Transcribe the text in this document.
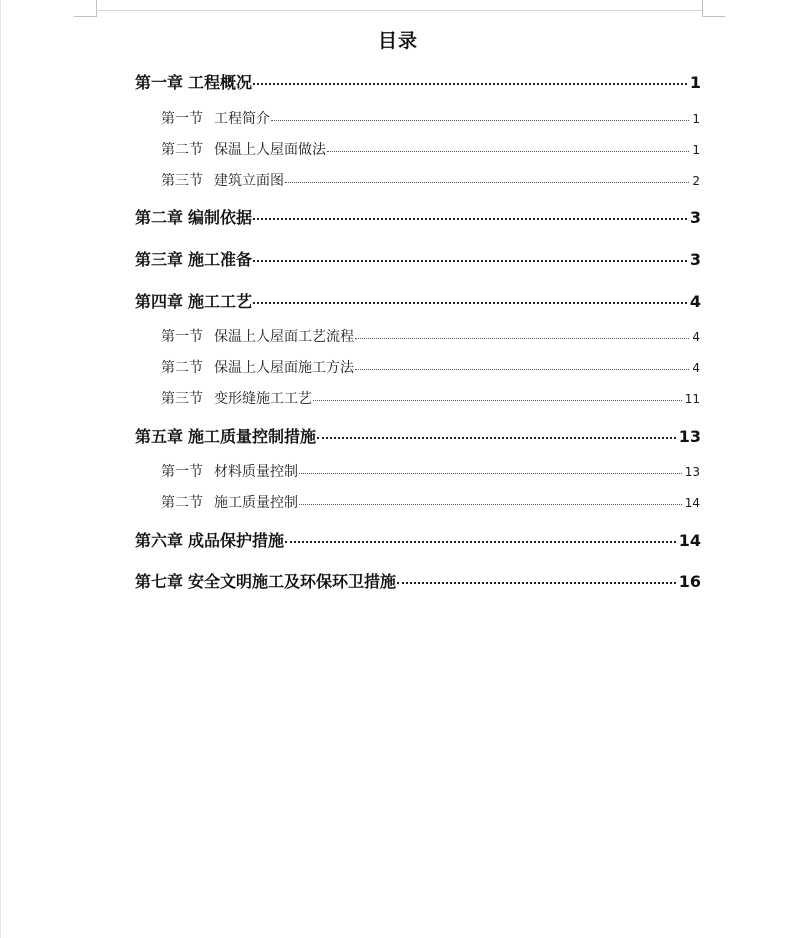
目录
第一章 工程概况	1
第一节 工程简介	1
第二节 保温上人屋面做法	1
第三节 建筑立面图	2
第二章 编制依据	3
第三章 施工准备	3
第四章 施工工艺	4
第一节 保温上人屋面工艺流程	4
第二节 保温上人屋面施工方法	4
第三节 变形缝施工工艺	11
第五章 施工质量控制措施	13
第一节 材料质量控制	13
第二节 施工质量控制	14
第六章 成品保护措施	14
第七章 安全文明施工及环保环卫措施	16
